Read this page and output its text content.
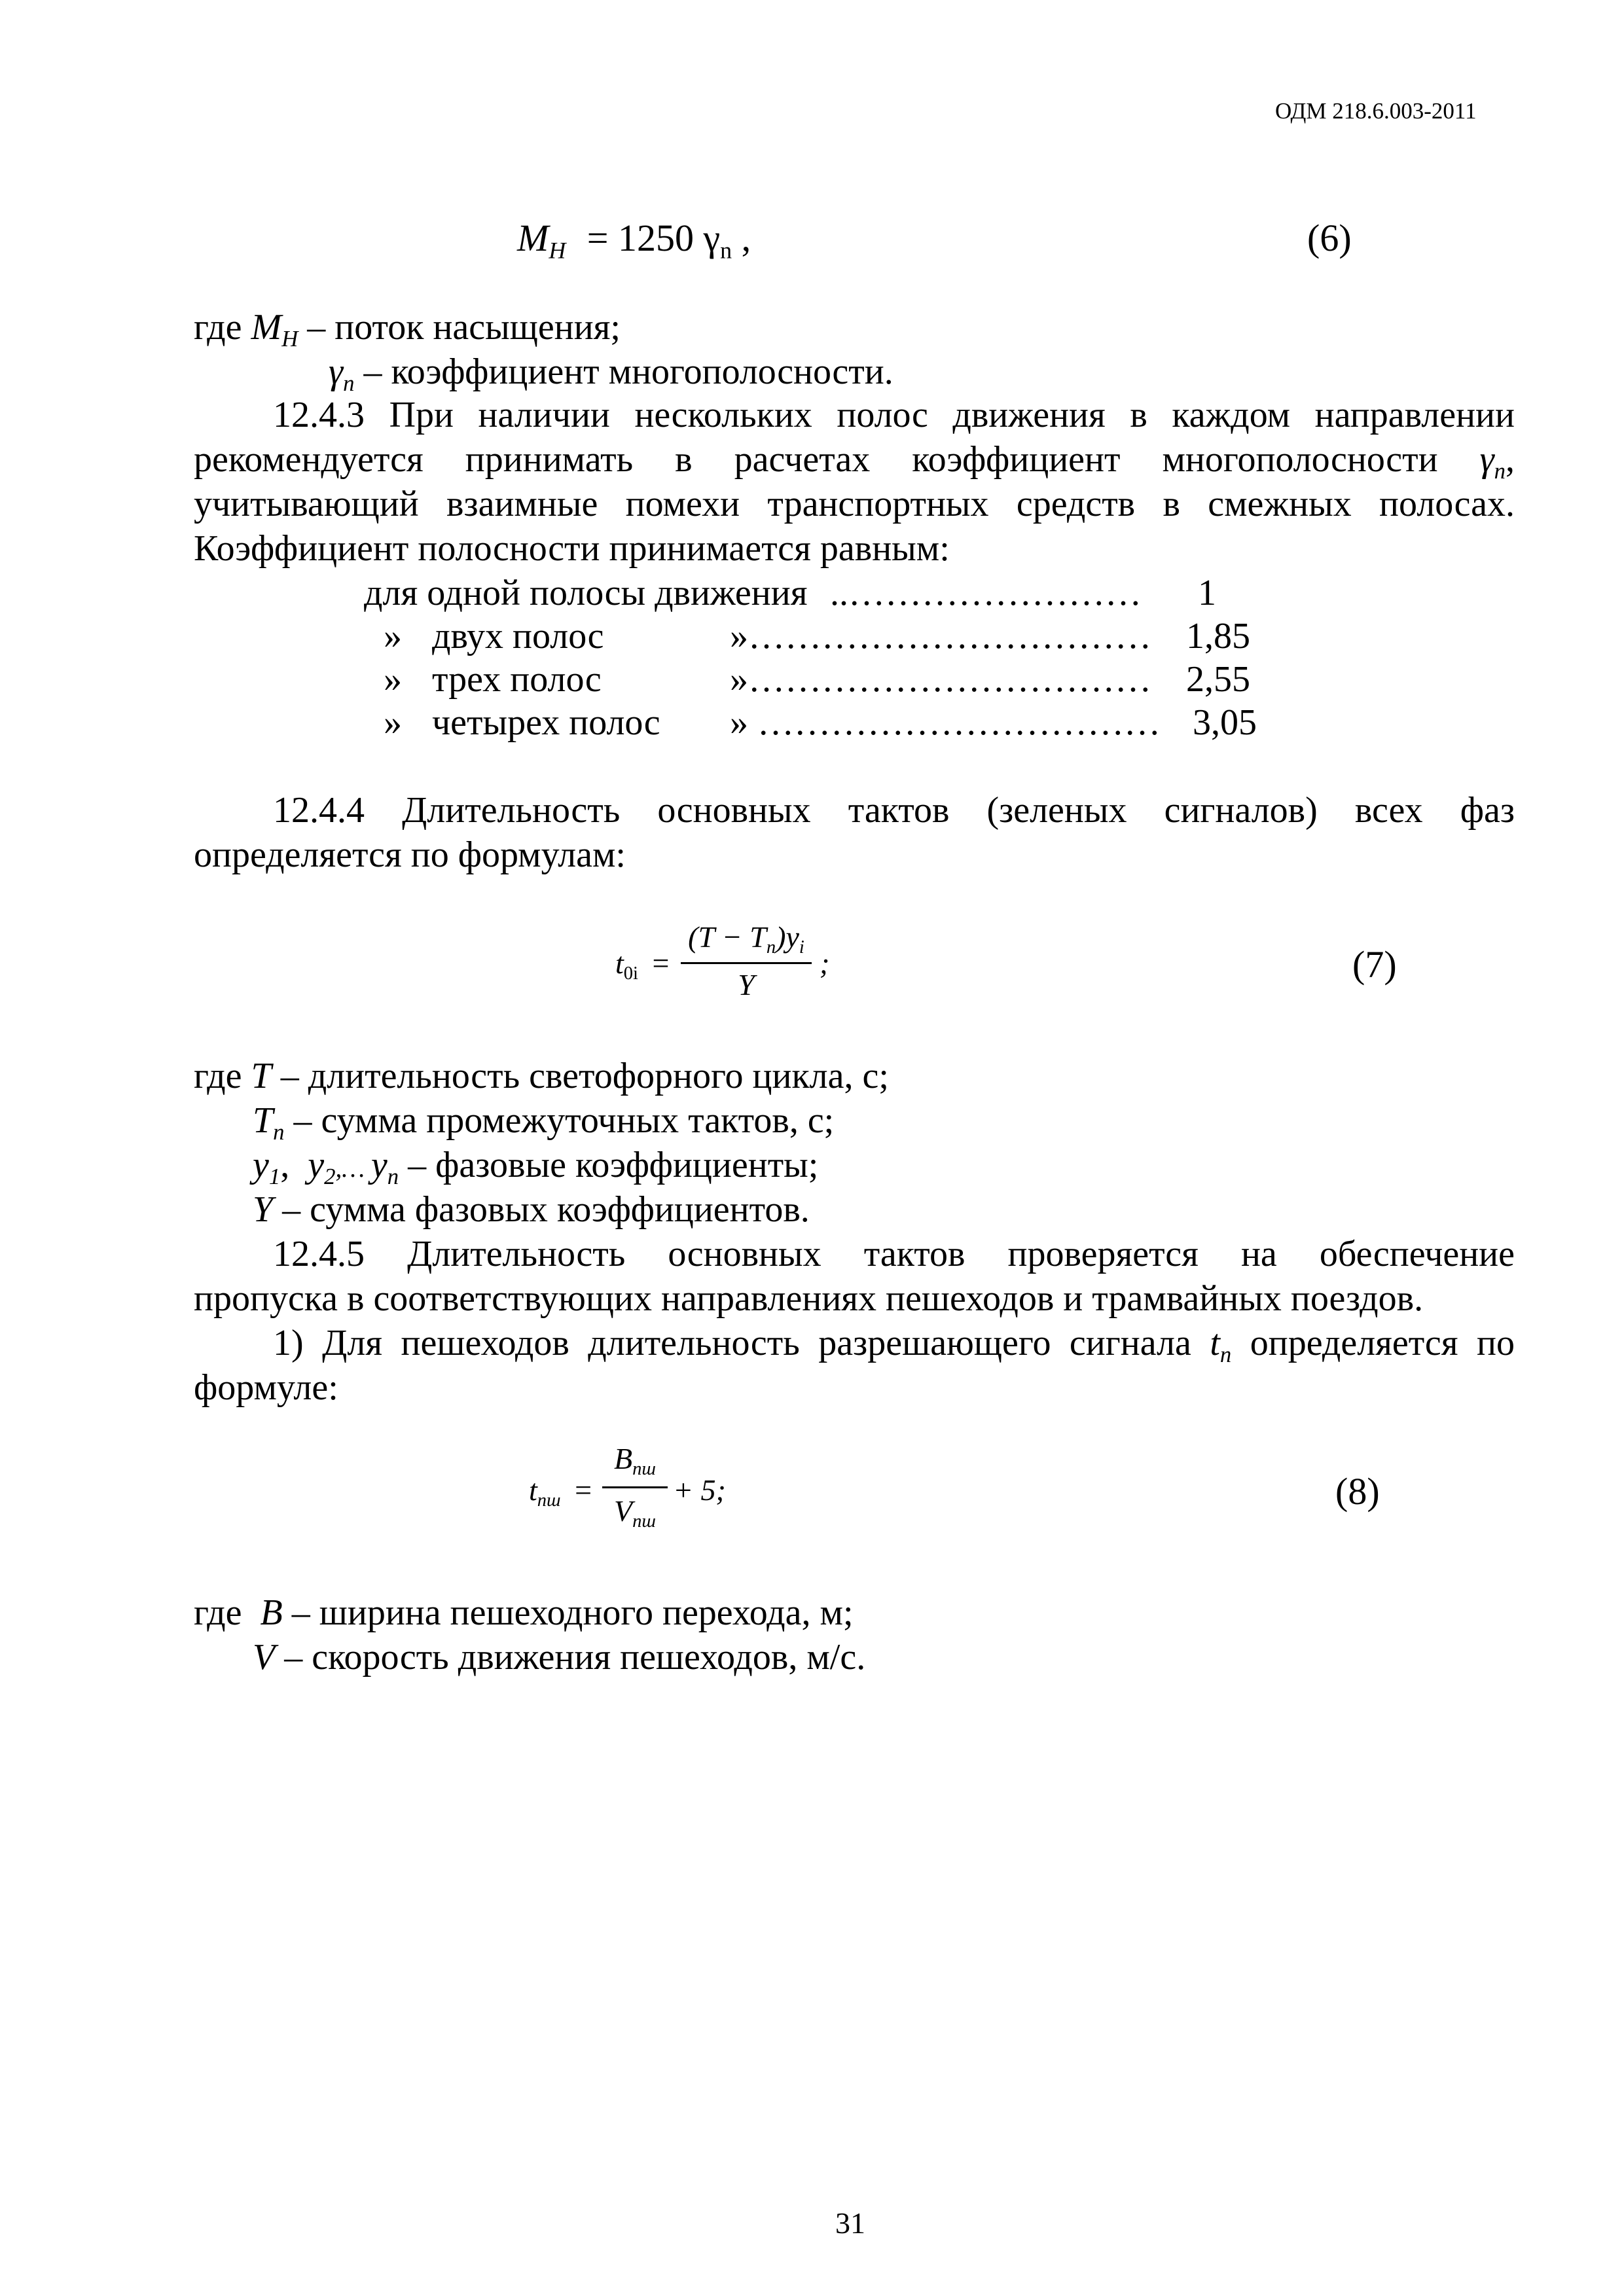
ОДМ 218.6.003-2011
$M_H = 1250$ $\gamma_n$ ,	(6)
где $M_H$ – поток насыщения;
$\gamma_n$ – коэффициент многополосности.
12.4.3 При наличии нескольких полос движения в каждом направлении
рекомендуется принимать в расчетах коэффициент многополосности $\gamma_n$,
учитывающий взаимные помехи транспортных средств в смежных полосах.
Коэффициент полосности принимается равным:
для одной полосы движения ..…………………… 1
» двух полос	»…………………………… 1,85
» трех полос	»…………………………… 2,55
» четырех полос » …………………………… 3,05
12.4.4 Длительность основных тактов (зеленых сигналов) всех фаз
определяется по формулам:
t0i =
(T − Tn)yi
Y
;	(7)
где T – длительность светофорного цикла, с;
$T_n$ – сумма промежуточных тактов, с;
$y_1$,  $y_2,\dots$ $y_n$ – фазовые коэффициенты;
Y – сумма фазовых коэффициентов.
12.4.5 Длительность основных тактов проверяется на обеспечение
пропуска в соответствующих направлениях пешеходов и трамвайных поездов.
1) Для пешеходов длительность разрешающего сигнала $t_n$ определяется по
формуле:
tпш =
Bпш
Vпш
+ 5;	(8)
где  B – ширина пешеходного перехода, м;
V – скорость движения пешеходов, м/с.
31
